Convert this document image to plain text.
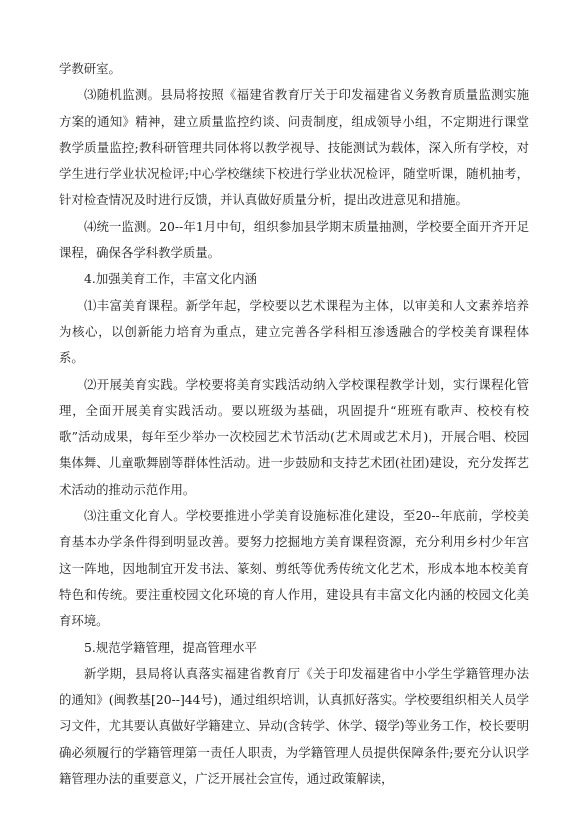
学教研室。

⑶随机监测。县局将按照《福建省教育厅关于印发福建省义务教育质量监测实施方案的通知》精神，建立质量监控约谈、问责制度，组成领导小组，不定期进行课堂教学质量监控;教科研管理共同体将以教学视导、技能测试为载体，深入所有学校，对学生进行学业状况检评;中心学校继续下校进行学业状况检评，随堂听课，随机抽考，针对检查情况及时进行反馈，并认真做好质量分析，提出改进意见和措施。

⑷统一监测。20--年1月中旬，组织参加县学期末质量抽测，学校要全面开齐开足课程，确保各学科教学质量。

4.加强美育工作，丰富文化内涵

⑴丰富美育课程。新学年起，学校要以艺术课程为主体，以审美和人文素养培养为核心，以创新能力培育为重点，建立完善各学科相互渗透融合的学校美育课程体系。

⑵开展美育实践。学校要将美育实践活动纳入学校课程教学计划，实行课程化管理，全面开展美育实践活动。要以班级为基础，巩固提升“班班有歌声、校校有校歌”活动成果，每年至少举办一次校园艺术节活动(艺术周或艺术月)，开展合唱、校园集体舞、儿童歌舞剧等群体性活动。进一步鼓励和支持艺术团(社团)建设，充分发挥艺术活动的推动示范作用。

⑶注重文化育人。学校要推进小学美育设施标准化建设，至20--年底前，学校美育基本办学条件得到明显改善。要努力挖掘地方美育课程资源，充分利用乡村少年宫这一阵地，因地制宜开发书法、篆刻、剪纸等优秀传统文化艺术，形成本地本校美育特色和传统。要注重校园文化环境的育人作用，建设具有丰富文化内涵的校园文化美育环境。

5.规范学籍管理，提高管理水平

新学期，县局将认真落实福建省教育厅《关于印发福建省中小学生学籍管理办法的通知》(闽教基[20--]44号)，通过组织培训，认真抓好落实。学校要组织相关人员学习文件，尤其要认真做好学籍建立、异动(含转学、休学、辍学)等业务工作，校长要明确必须履行的学籍管理第一责任人职责，为学籍管理人员提供保障条件;要充分认识学籍管理办法的重要意义，广泛开展社会宣传，通过政策解读，
